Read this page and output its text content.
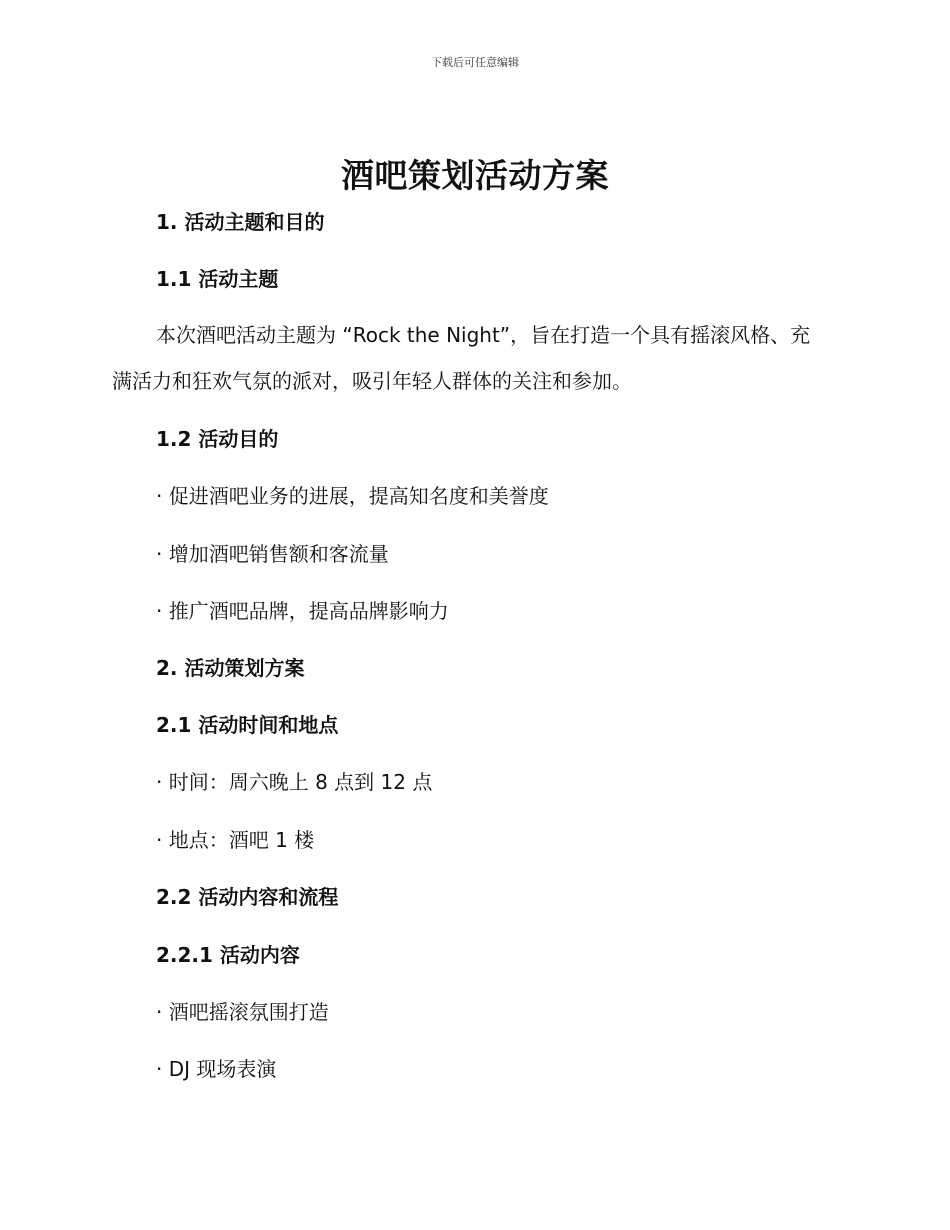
下载后可任意编辑
酒吧策划活动方案
1. 活动主题和目的
1.1 活动主题
本次酒吧活动主题为 “Rock the Night”，旨在打造一个具有摇滚风格、充满活力和狂欢气氛的派对，吸引年轻人群体的关注和参加。
1.2 活动目的
· 促进酒吧业务的进展，提高知名度和美誉度
· 增加酒吧销售额和客流量
· 推广酒吧品牌，提高品牌影响力
2. 活动策划方案
2.1 活动时间和地点
· 时间：周六晚上 8 点到 12 点
· 地点：酒吧 1 楼
2.2 活动内容和流程
2.2.1 活动内容
· 酒吧摇滚氛围打造
· DJ 现场表演
